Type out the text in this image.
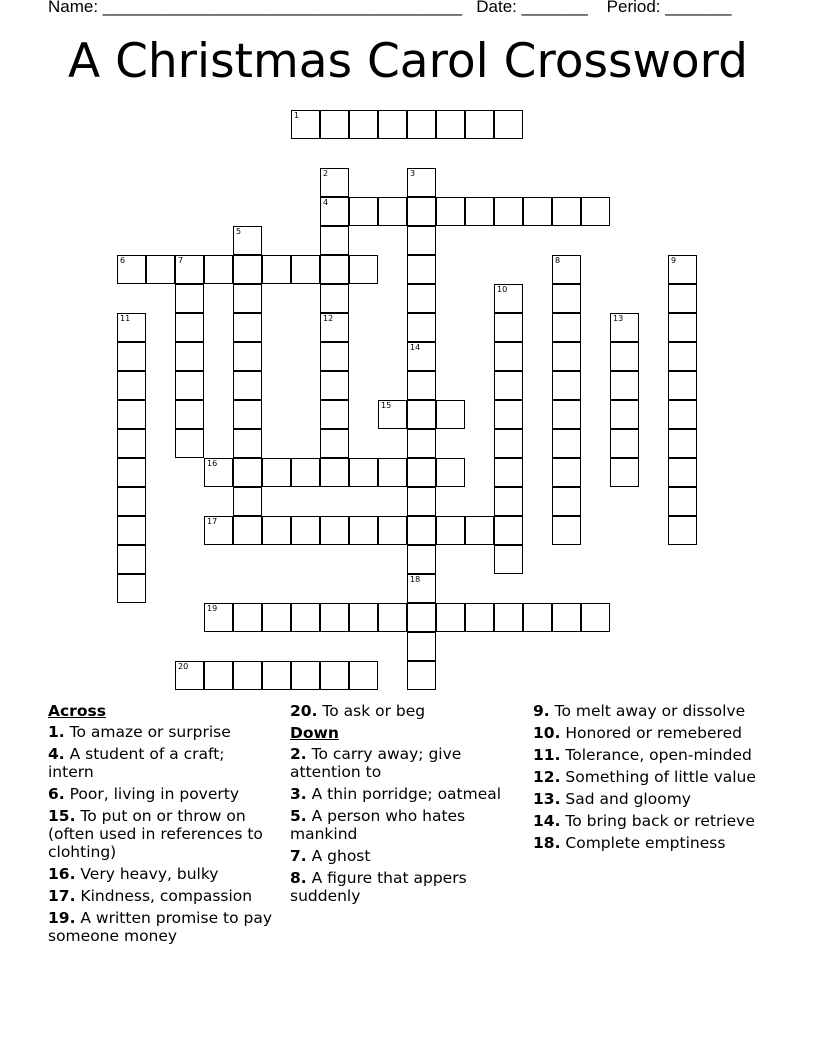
Name: ______________________________________   Date: _______    Period: _______
A Christmas Carol Crossword
1
2
4
3
5
6	7	8	9
10
11	12	13
14
18
15
16
17
19
20
Across
1. To amaze or surprise
4. A student of a craft; intern
6. Poor, living in poverty
15. To put on or throw on (often used in references to clohting)
16. Very heavy, bulky
17. Kindness, compassion
19. A written promise to pay someone money
20. To ask or beg
Down
2. To carry away; give attention to
3. A thin porridge; oatmeal
5. A person who hates mankind
7. A ghost
8. A figure that appers suddenly
9. To melt away or dissolve
10. Honored or remebered
11. Tolerance, open-minded
12. Something of little value
13. Sad and gloomy
14. To bring back or retrieve
18. Complete emptiness
